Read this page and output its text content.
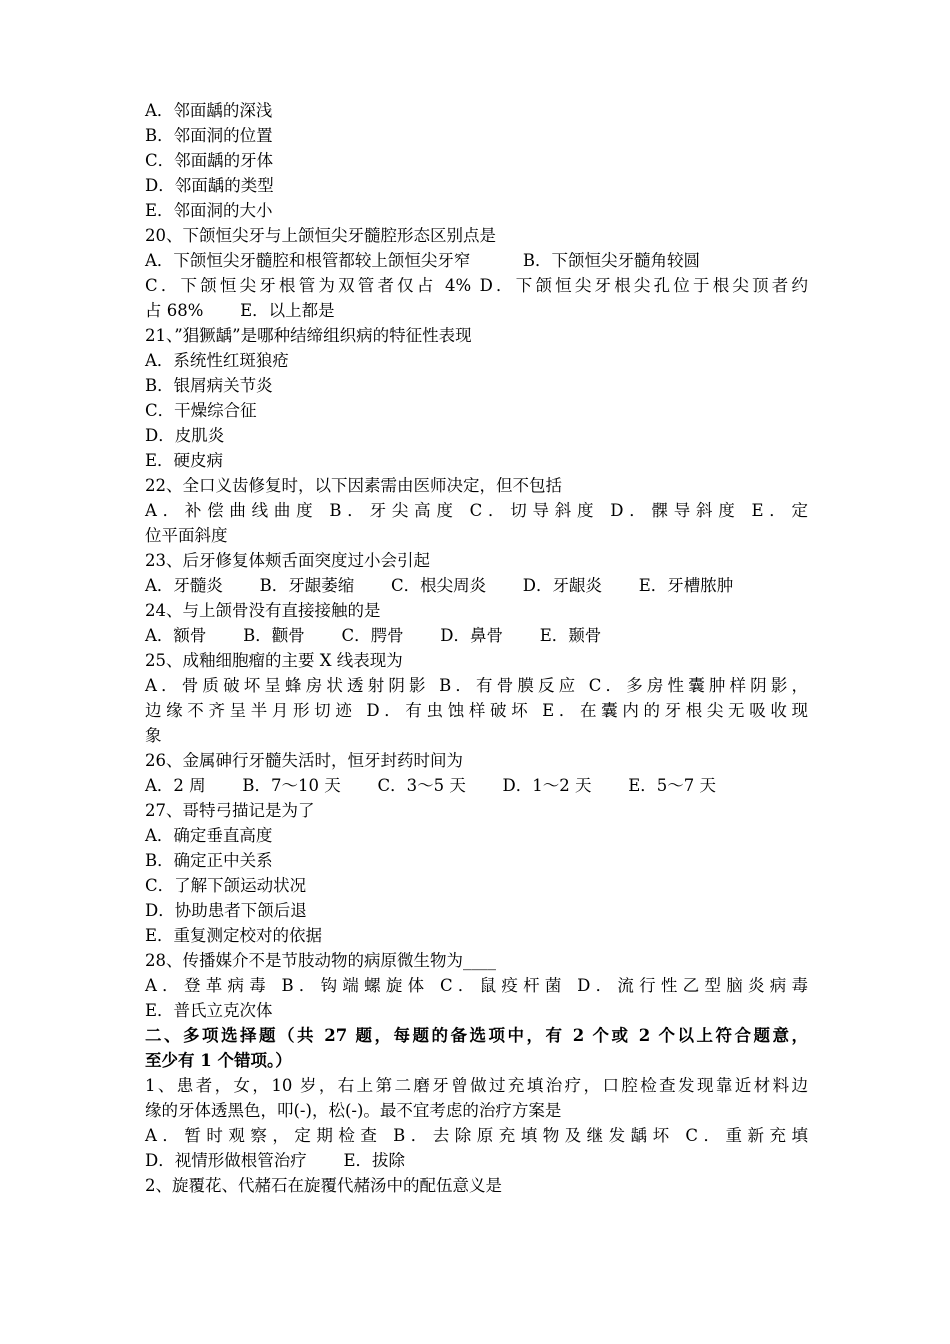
A．邻面龋的深浅
B．邻面洞的位置
C．邻面龋的牙体
D．邻面龋的类型
E．邻面洞的大小
20、下颌恒尖牙与上颌恒尖牙髓腔形态区别点是
A．下颌恒尖牙髓腔和根管都较上颌恒尖牙窄          B．下颌恒尖牙髓角较圆
C．下颌恒尖牙根管为双管者仅占 4% D．下颌恒尖牙根尖孔位于根尖顶者约
占 68%       E．以上都是
21、”猖獗龋”是哪种结缔组织病的特征性表现
A．系统性红斑狼疮
B．银屑病关节炎
C．干燥综合征
D．皮肌炎
E．硬皮病
22、全口义齿修复时，以下因素需由医师决定，但不包括
A．补偿曲线曲度 B．牙尖高度 C．切导斜度 D．髁导斜度 E．定
位平面斜度
23、后牙修复体颊舌面突度过小会引起
A．牙髓炎       B．牙龈萎缩       C．根尖周炎       D．牙龈炎       E．牙槽脓肿
24、与上颌骨没有直接接触的是
A．额骨       B．颧骨       C．腭骨       D．鼻骨       E．颞骨
25、成釉细胞瘤的主要 X 线表现为
A．骨质破坏呈蜂房状透射阴影 B．有骨膜反应 C．多房性囊肿样阴影，
边缘不齐呈半月形切迹 D．有虫蚀样破坏 E．在囊内的牙根尖无吸收现
象
26、金属砷行牙髓失活时，恒牙封药时间为
A．2 周       B．7～10 天       C．3～5 天       D．1～2 天       E．5～7 天
27、哥特弓描记是为了
A．确定垂直高度
B．确定正中关系
C．了解下颌运动状况
D．协助患者下颌后退
E．重复测定校对的依据
28、传播媒介不是节肢动物的病原微生物为____
A．登革病毒 B．钩端螺旋体 C．鼠疫杆菌 D．流行性乙型脑炎病毒
E．普氏立克次体
二、多项选择题（共 27 题，每题的备选项中，有 2 个或 2 个以上符合题意，
至少有 1 个错项。）
1、患者，女，10 岁，右上第二磨牙曾做过充填治疗，口腔检查发现靠近材料边
缘的牙体透黑色，叩(-)，松(-)。最不宜考虑的治疗方案是
A．暂时观察，定期检查 B．去除原充填物及继发龋坏 C．重新充填
D．视情形做根管治疗       E．拔除
2、旋覆花、代赭石在旋覆代赭汤中的配伍意义是
